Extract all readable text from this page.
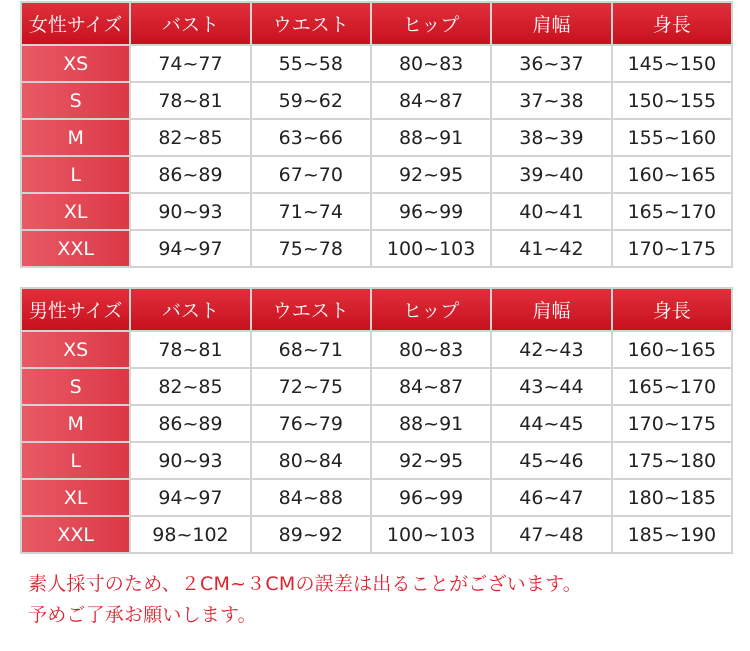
女性サイズ	バスト	ウエスト	ヒップ	肩幅	身長
XS	74~77	55~58	80~83	36~37	145~150
S	78~81	59~62	84~87	37~38	150~155
M	82~85	63~66	88~91	38~39	155~160
L	86~89	67~70	92~95	39~40	160~165
XL	90~93	71~74	96~99	40~41	165~170
XXL	94~97	75~78	100~103	41~42	170~175
男性サイズ	バスト	ウエスト	ヒップ	肩幅	身長
XS	78~81	68~71	80~83	42~43	160~165
S	82~85	72~75	84~87	43~44	165~170
M	86~89	76~79	88~91	44~45	170~175
L	90~93	80~84	92~95	45~46	175~180
XL	94~97	84~88	96~99	46~47	180~185
XXL	98~102	89~92	100~103	47~48	185~190
素人採寸のため、２CM~３CMの誤差は出ることがございます。
予めご了承お願いします。
